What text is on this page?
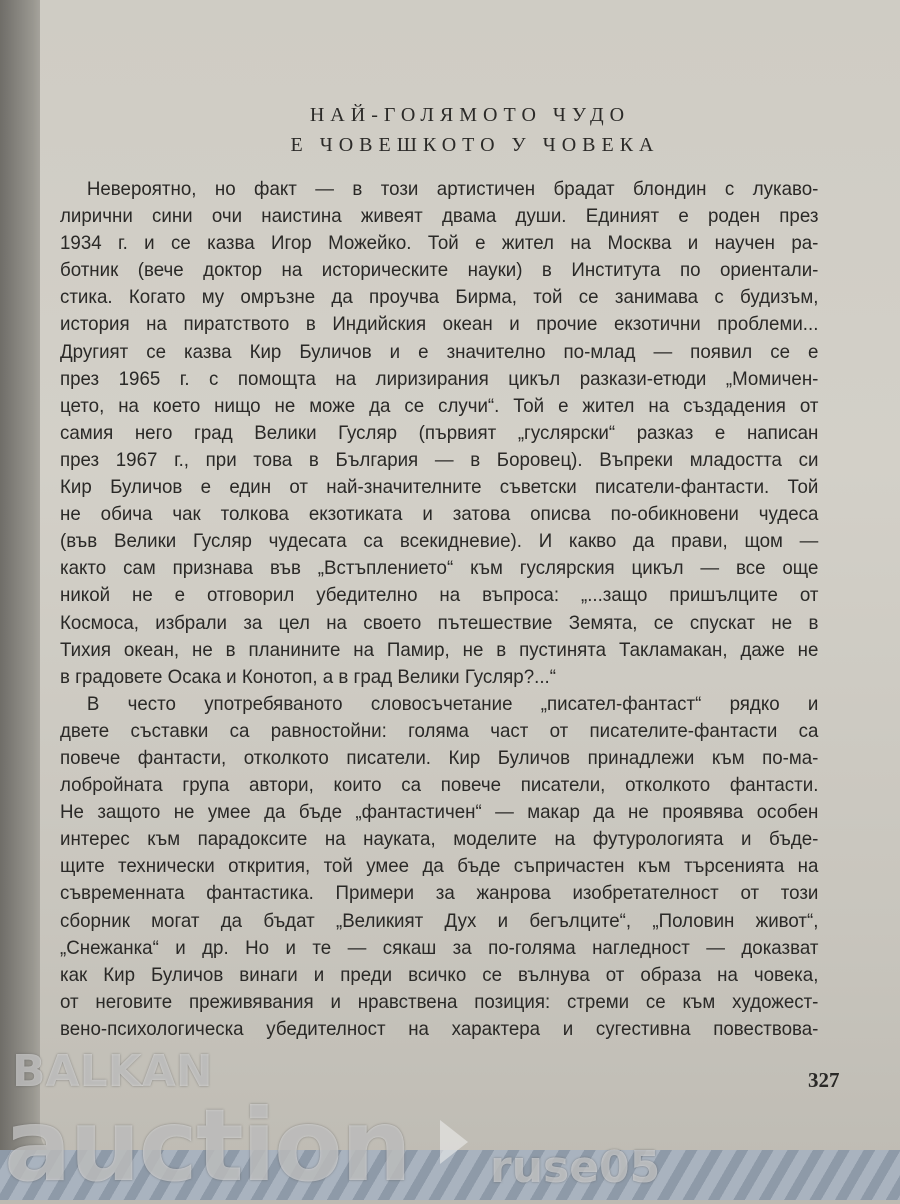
НАЙ-ГОЛЯМОТО ЧУДО
Е ЧОВЕШКОТО У ЧОВЕКА
Невероятно, но факт — в този артистичен брадат блондин с лукаво-
лирични сини очи наистина живеят двама души. Единият е роден през
1934 г. и се казва Игор Можейко. Той е жител на Москва и научен ра-
ботник (вече доктор на историческите науки) в Института по ориентали-
стика. Когато му омръзне да проучва Бирма, той се занимава с будизъм,
история на пиратството в Индийския океан и прочие екзотични проблеми...
Другият се казва Кир Буличов и е значително по-млад — появил се е
през 1965 г. с помощта на лиризирания цикъл разкази-етюди „Момичен-
цето, на което нищо не може да се случи“. Той е жител на създадения от
самия него град Велики Гусляр (първият „гуслярски“ разказ е написан
през 1967 г., при това в България — в Боровец). Въпреки младостта си
Кир Буличов е един от най-значителните съветски писатели-фантасти. Той
не обича чак толкова екзотиката и затова описва по-обикновени чудеса
(във Велики Гусляр чудесата са всекидневие). И какво да прави, щом —
както сам признава във „Встъплението“ към гуслярския цикъл — все още
никой не е отговорил убедително на въпроса: „...защо пришълците от
Космоса, избрали за цел на своето пътешествие Земята, се спускат не в
Тихия океан, не в планините на Памир, не в пустинята Такламакан, даже не
в градовете Осака и Конотоп, а в град Велики Гусляр?...“
В често употребяваното словосъчетание „писател-фантаст“ рядко и
двете съставки са равностойни: голяма част от писателите-фантасти са
повече фантасти, отколкото писатели. Кир Буличов принадлежи към по-ма-
лобройната група автори, които са повече писатели, отколкото фантасти.
Не защото не умее да бъде „фантастичен“ — макар да не проявява особен
интерес към парадоксите на науката, моделите на футурологията и бъде-
щите технически открития, той умее да бъде съпричастен към търсенията на
съвременната фантастика. Примери за жанрова изобретателност от този
сборник могат да бъдат „Великият Дух и бегълците“, „Половин живот“,
„Снежанка“ и др. Но и те — сякаш за по-голяма нагледност — доказват
как Кир Буличов винаги и преди всичко се вълнува от образа на човека,
от неговите преживявания и нравствена позиция: стреми се към художест-
вено-психологическа убедителност на характера и сугестивна повествова-
327
BALKAN
auction ruse05
